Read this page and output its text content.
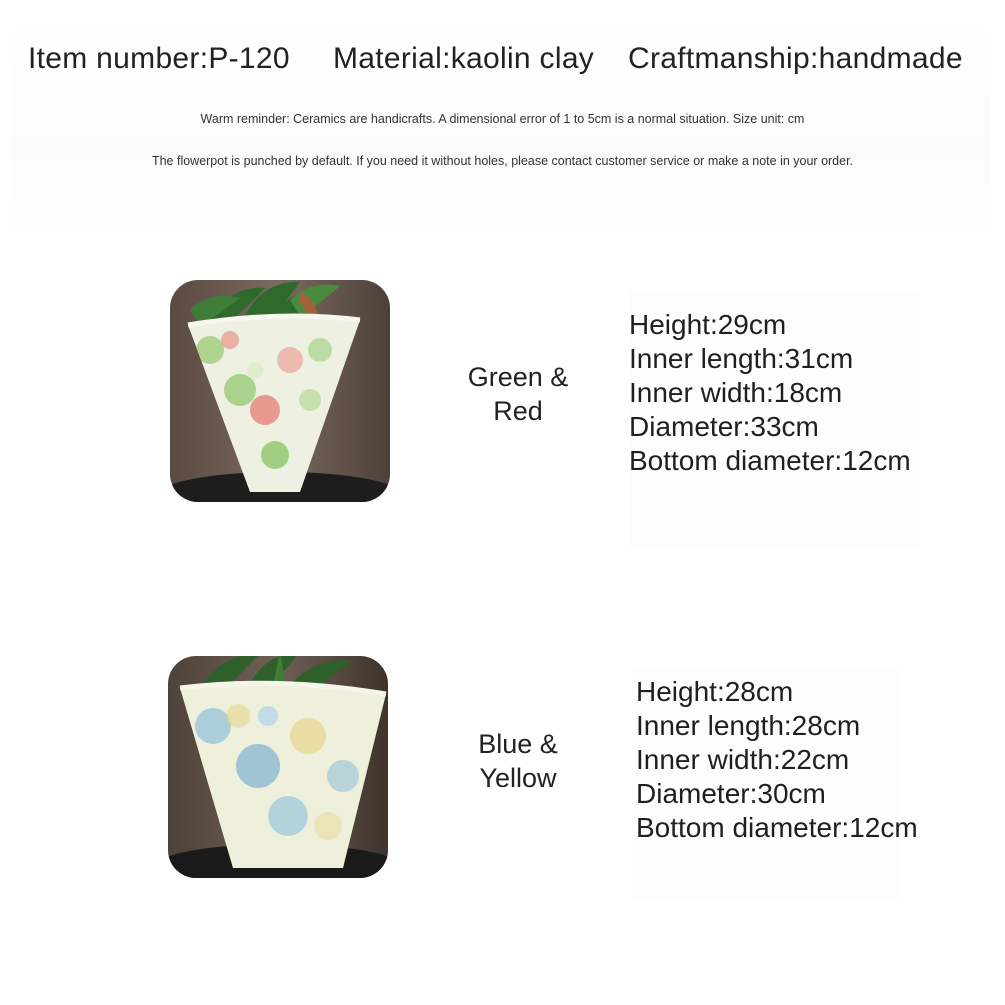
Item number:P-120 Material:kaolin clay Craftmanship:handmade
Warm reminder: Ceramics are handicrafts. A dimensional error of 1 to 5cm is a normal situation. Size unit: cm
The flowerpot is punched by default. If you need it without holes, please contact customer service or make a note in your order.
Green &
Red
Height:29cm
Inner length:31cm
Inner width:18cm
Diameter:33cm
Bottom diameter:12cm
Blue &
Yellow
Height:28cm
Inner length:28cm
Inner width:22cm
Diameter:30cm
Bottom diameter:12cm
